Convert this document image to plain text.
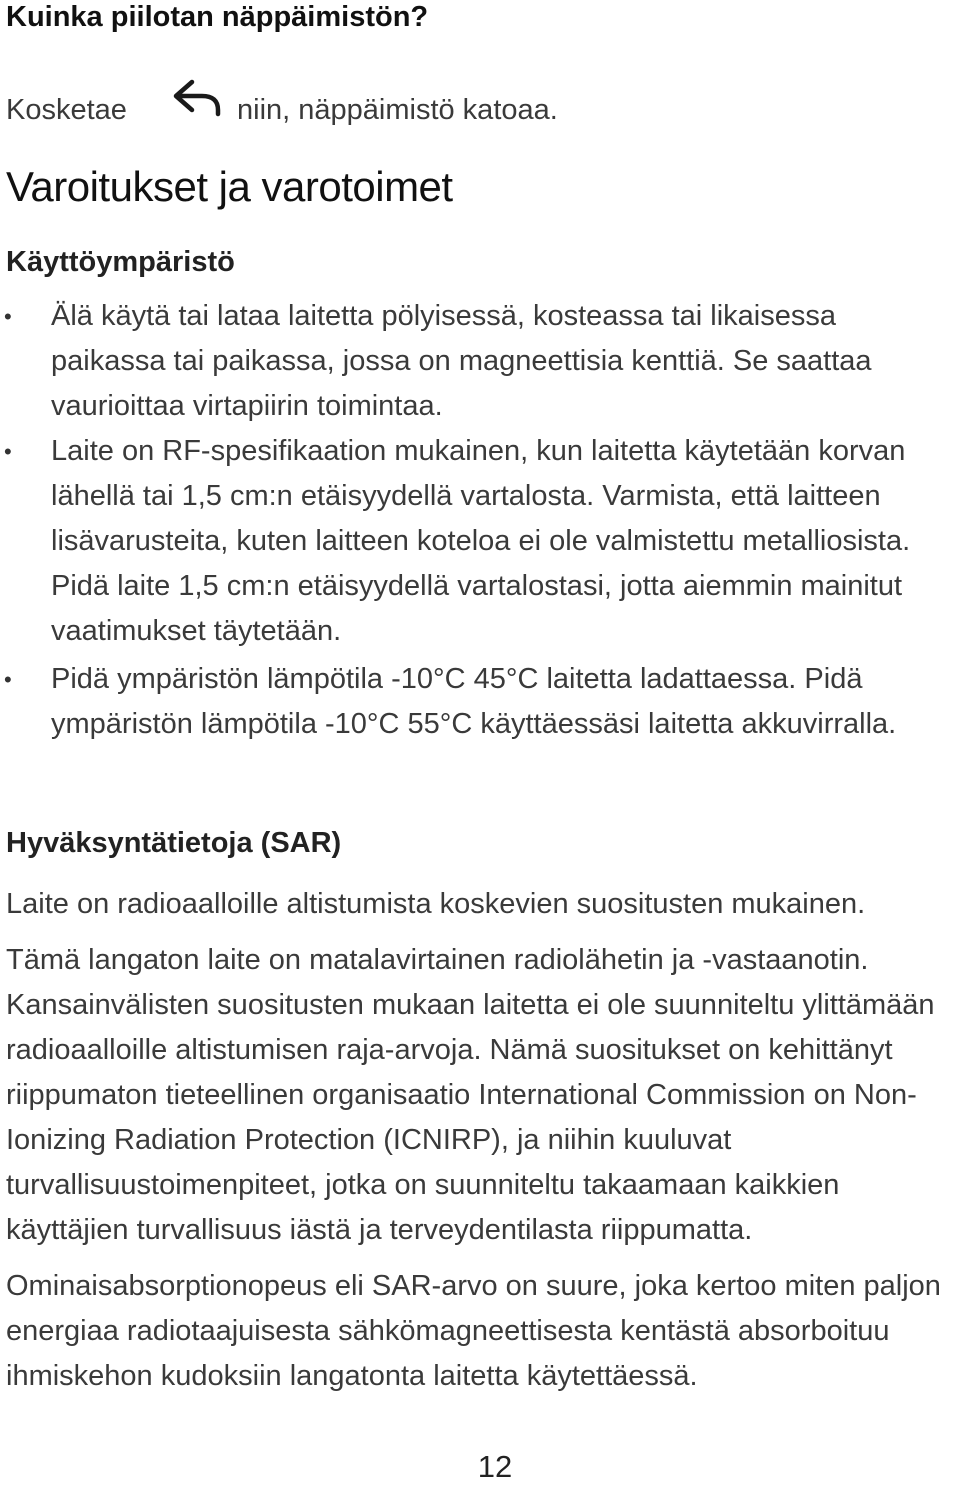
Kuinka piilotan näppäimistön?
Kosketae	niin, näppäimistö katoaa.
Varoitukset ja varotoimet
Käyttöympäristö
• Älä käytä tai lataa laitetta pölyisessä, kosteassa tai likaisessa paikassa tai paikassa, jossa on magneettisia kenttiä. Se saattaa vaurioittaa virtapiirin toimintaa.
• Laite on RF-spesifikaation mukainen, kun laitetta käytetään korvan lähellä tai 1,5 cm:n etäisyydellä vartalosta. Varmista, että laitteen lisävarusteita, kuten laitteen koteloa ei ole valmistettu metalliosista. Pidä laite 1,5 cm:n etäisyydellä vartalostasi, jotta aiemmin mainitut vaatimukset täytetään.
• Pidä ympäristön lämpötila -10°C 45°C laitetta ladattaessa. Pidä ympäristön lämpötila -10°C 55°C käyttäessäsi laitetta akkuvirralla.
Hyväksyntätietoja (SAR)

Laite on radioaalloille altistumista koskevien suositusten mukainen.

Tämä langaton laite on matalavirtainen radiolähetin ja -vastaanotin. Kansainvälisten suositusten mukaan laitetta ei ole suunniteltu ylittämään radioaalloille altistumisen raja-arvoja. Nämä suositukset on kehittänyt riippumaton tieteellinen organisaatio International Commission on Non-Ionizing Radiation Protection (ICNIRP), ja niihin kuuluvat turvallisuustoimenpiteet, jotka on suunniteltu takaamaan kaikkien käyttäjien turvallisuus iästä ja terveydentilasta riippumatta.

Ominaisabsorptionopeus eli SAR-arvo on suure, joka kertoo miten paljon energiaa radiotaajuisesta sähkömagneettisesta kentästä absorboituu ihmiskehon kudoksiin langatonta laitetta käytettäessä.

12
